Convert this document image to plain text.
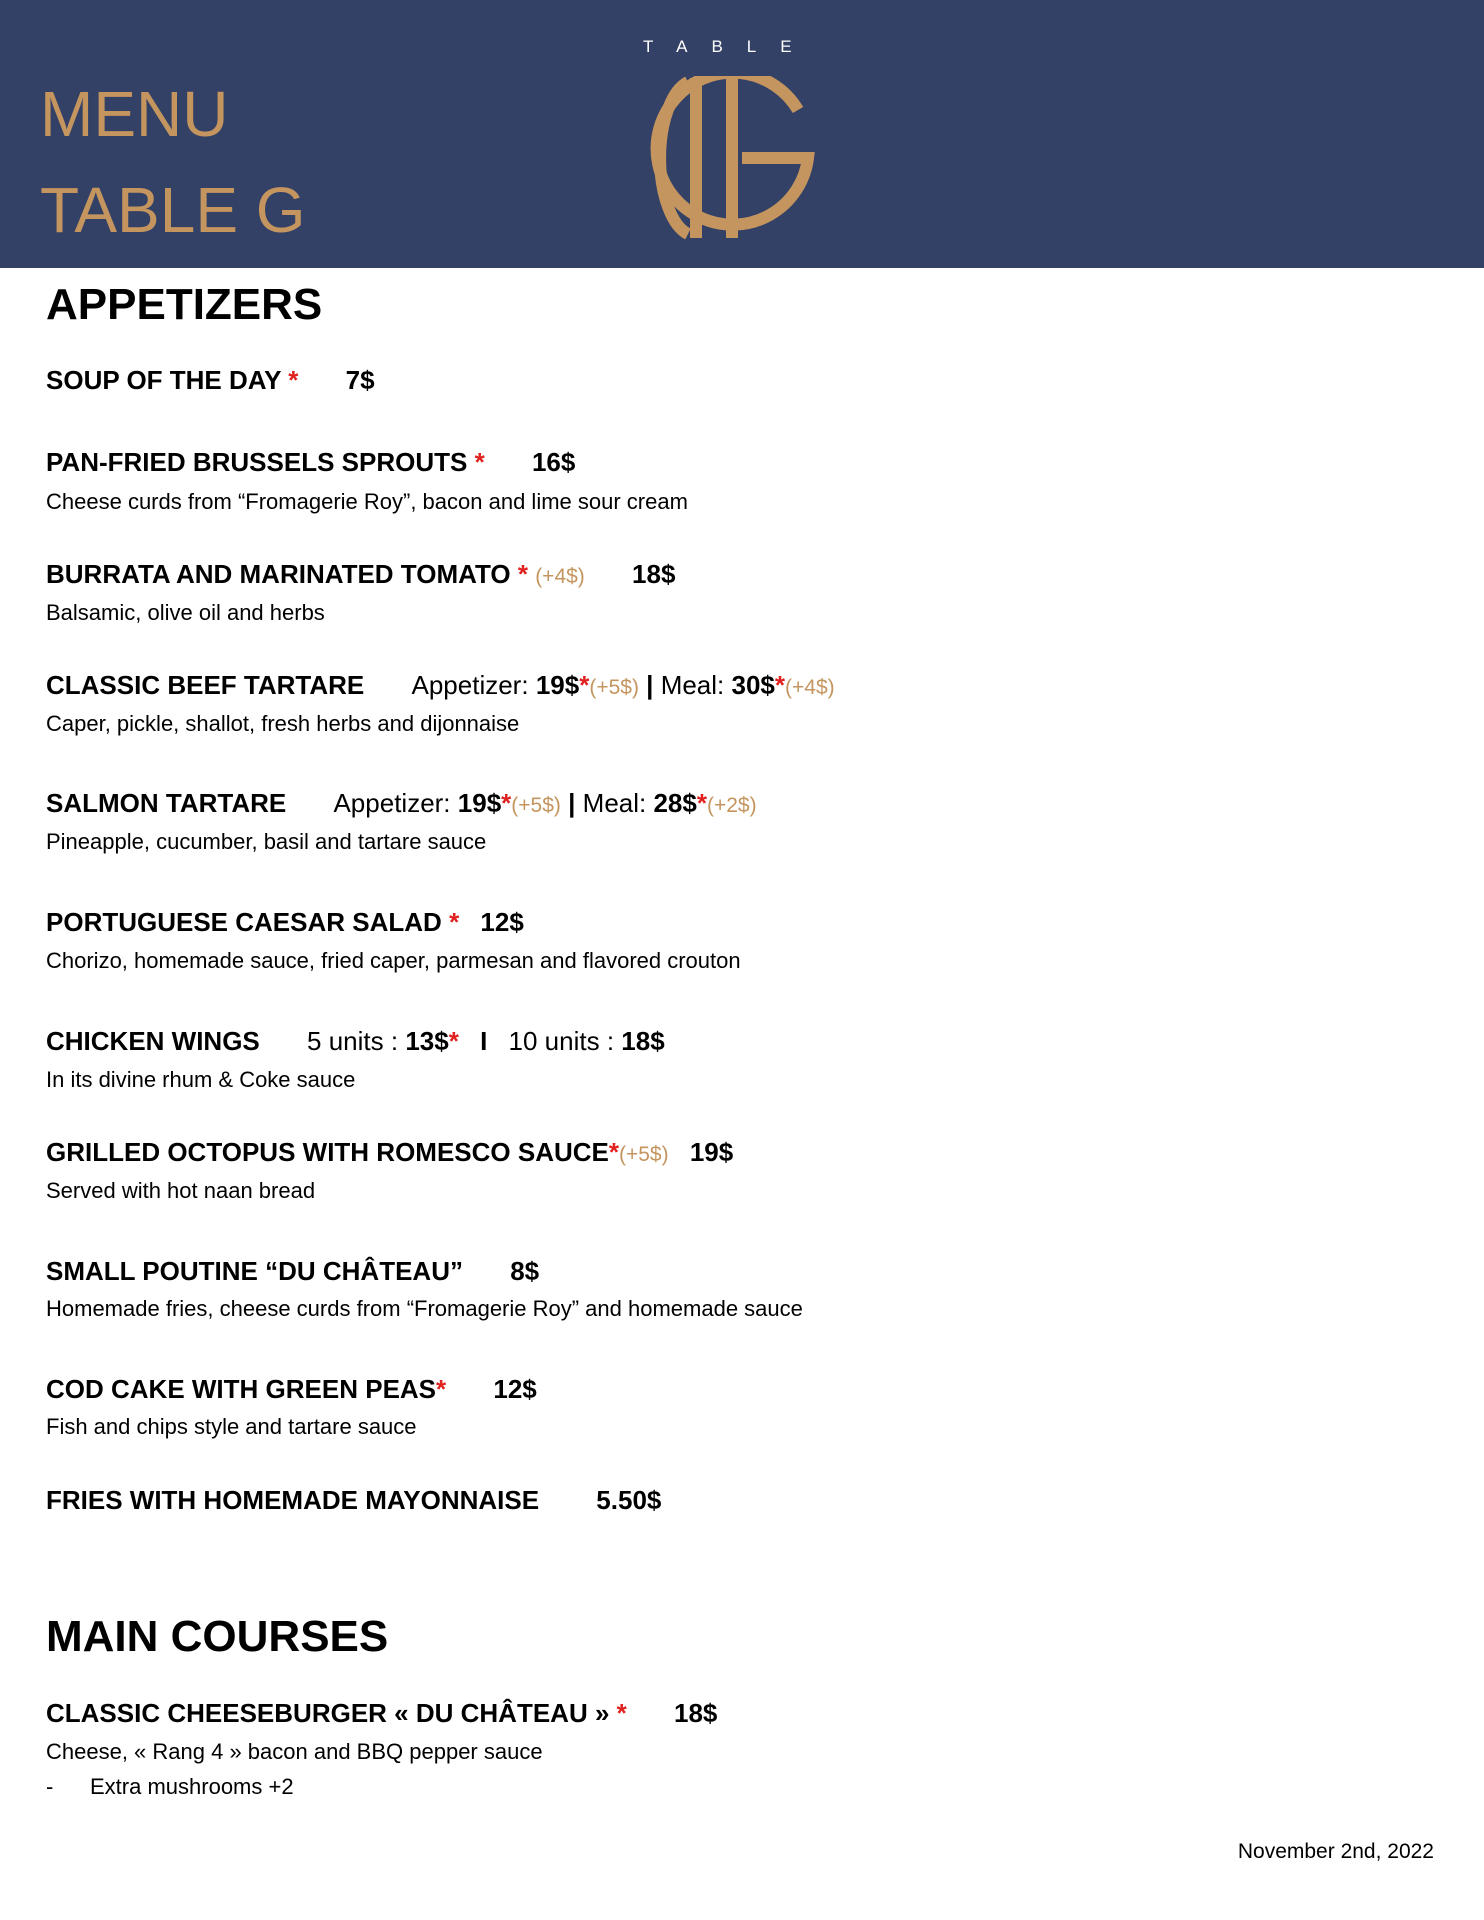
MENU
TABLE G
TABLE
APPETIZERS
SOUP OF THE DAY * 7$
PAN-FRIED BRUSSELS SPROUTS * 16$
Cheese curds from “Fromagerie Roy”, bacon and lime sour cream
BURRATA AND MARINATED TOMATO * (+4$) 18$
Balsamic, olive oil and herbs
CLASSIC BEEF TARTARE Appetizer: 19$*(+5$) | Meal: 30$*(+4$)
Caper, pickle, shallot, fresh herbs and dijonnaise
SALMON TARTARE Appetizer: 19$*(+5$) | Meal: 28$*(+2$)
Pineapple, cucumber, basil and tartare sauce
PORTUGUESE CAESAR SALAD * 12$
Chorizo, homemade sauce, fried caper, parmesan and flavored crouton
CHICKEN WINGS 5 units : 13$* I 10 units : 18$
In its divine rhum & Coke sauce
GRILLED OCTOPUS WITH ROMESCO SAUCE*(+5$) 19$
Served with hot naan bread
SMALL POUTINE “DU CHÂTEAU” 8$
Homemade fries, cheese curds from “Fromagerie Roy” and homemade sauce
COD CAKE WITH GREEN PEAS* 12$
Fish and chips style and tartare sauce
FRIES WITH HOMEMADE MAYONNAISE 5.50$
MAIN COURSES
CLASSIC CHEESEBURGER « DU CHÂTEAU » * 18$
Cheese, « Rang 4 » bacon and BBQ pepper sauce
- Extra mushrooms +2
November 2nd, 2022
